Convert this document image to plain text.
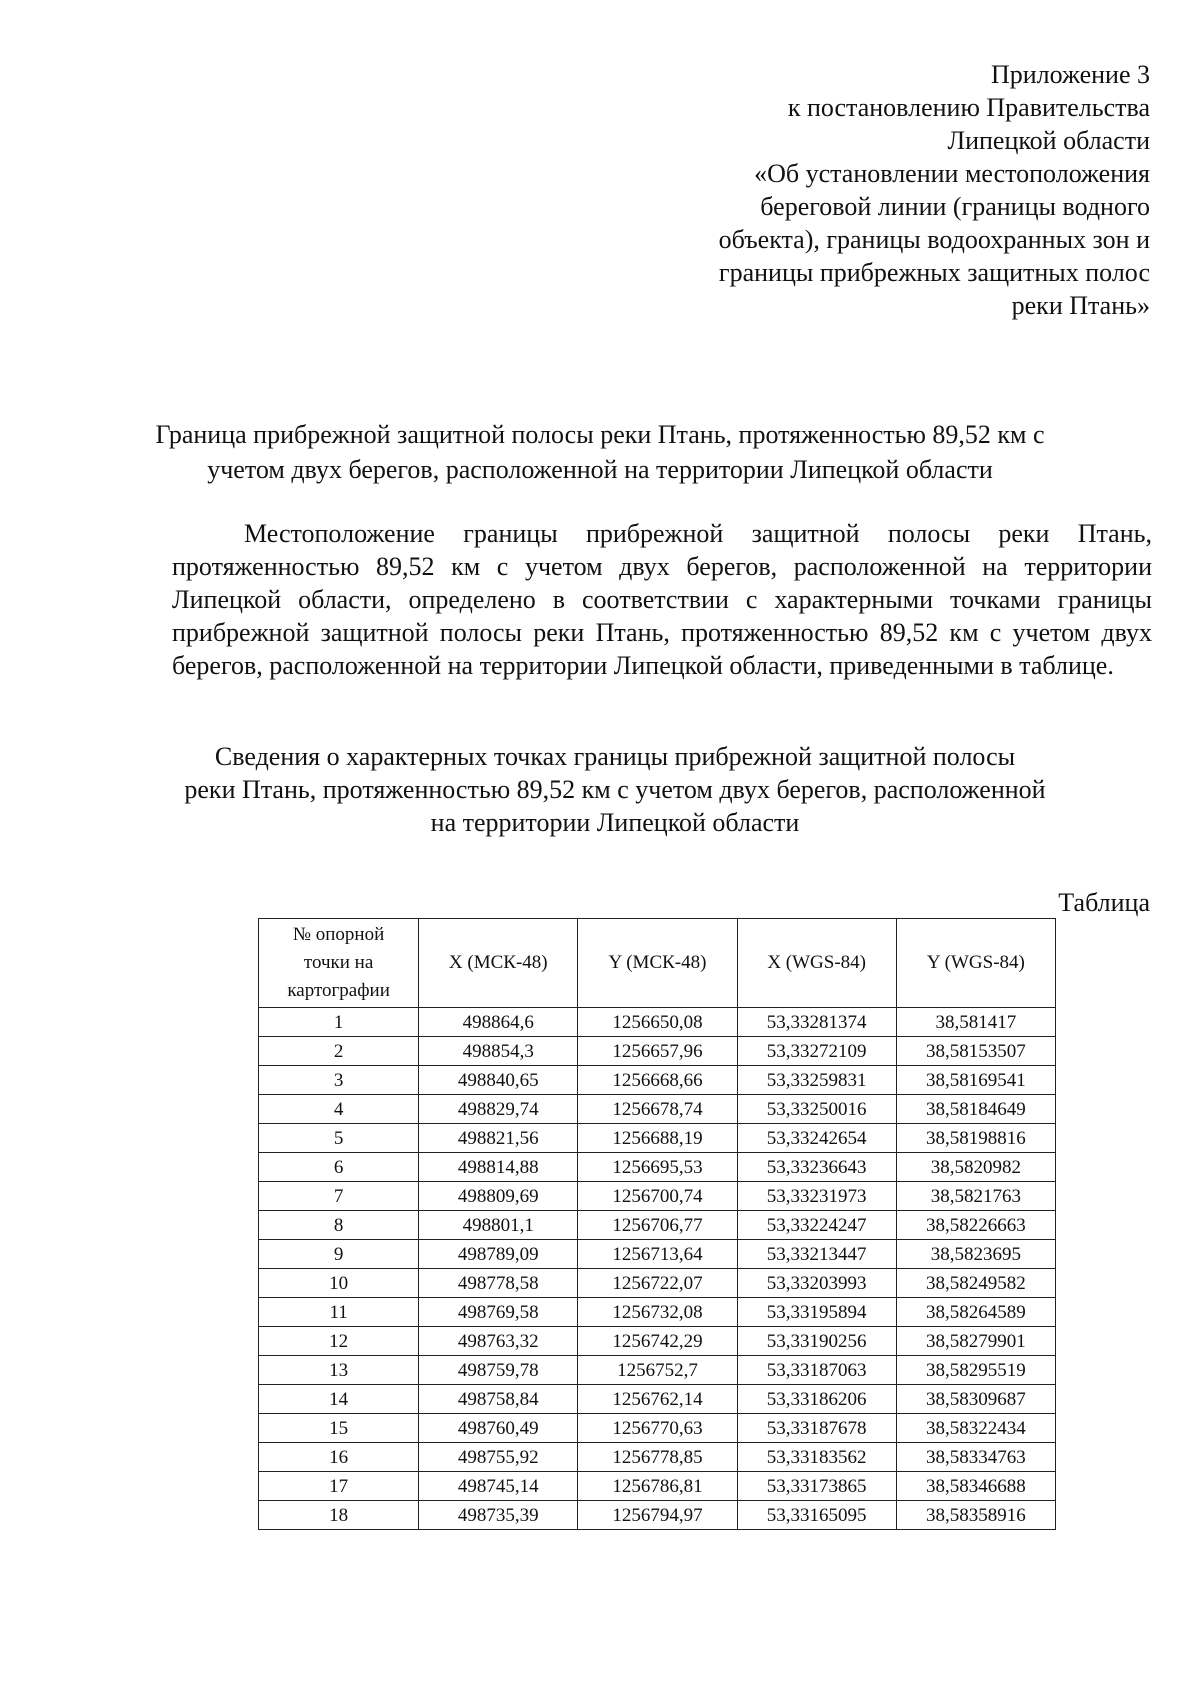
Приложение 3
к постановлению Правительства
Липецкой области
«Об установлении местоположения
береговой линии (границы водного
объекта), границы водоохранных зон и
границы прибрежных защитных полос
реки Птань»
Граница прибрежной защитной полосы реки Птань, протяженностью 89,52 км с
учетом двух берегов, расположенной на территории Липецкой области
Местоположение границы прибрежной защитной полосы реки Птань, протяженностью 89,52 км с учетом двух берегов, расположенной на территории Липецкой области, определено в соответствии с характерными точками границы прибрежной защитной полосы реки Птань, протяженностью 89,52 км с учетом двух берегов, расположенной на территории Липецкой области, приведенными в таблице.
Сведения о характерных точках границы прибрежной защитной полосы
реки Птань, протяженностью 89,52 км с учетом двух берегов, расположенной
на территории Липецкой области
Таблица
№ опорной
точки на
картографии	X (МСК-48)	Y (МСК-48)	X (WGS-84)	Y (WGS-84)
1	498864,6	1256650,08	53,33281374	38,581417
2	498854,3	1256657,96	53,33272109	38,58153507
3	498840,65	1256668,66	53,33259831	38,58169541
4	498829,74	1256678,74	53,33250016	38,58184649
5	498821,56	1256688,19	53,33242654	38,58198816
6	498814,88	1256695,53	53,33236643	38,5820982
7	498809,69	1256700,74	53,33231973	38,5821763
8	498801,1	1256706,77	53,33224247	38,58226663
9	498789,09	1256713,64	53,33213447	38,5823695
10	498778,58	1256722,07	53,33203993	38,58249582
11	498769,58	1256732,08	53,33195894	38,58264589
12	498763,32	1256742,29	53,33190256	38,58279901
13	498759,78	1256752,7	53,33187063	38,58295519
14	498758,84	1256762,14	53,33186206	38,58309687
15	498760,49	1256770,63	53,33187678	38,58322434
16	498755,92	1256778,85	53,33183562	38,58334763
17	498745,14	1256786,81	53,33173865	38,58346688
18	498735,39	1256794,97	53,33165095	38,58358916
